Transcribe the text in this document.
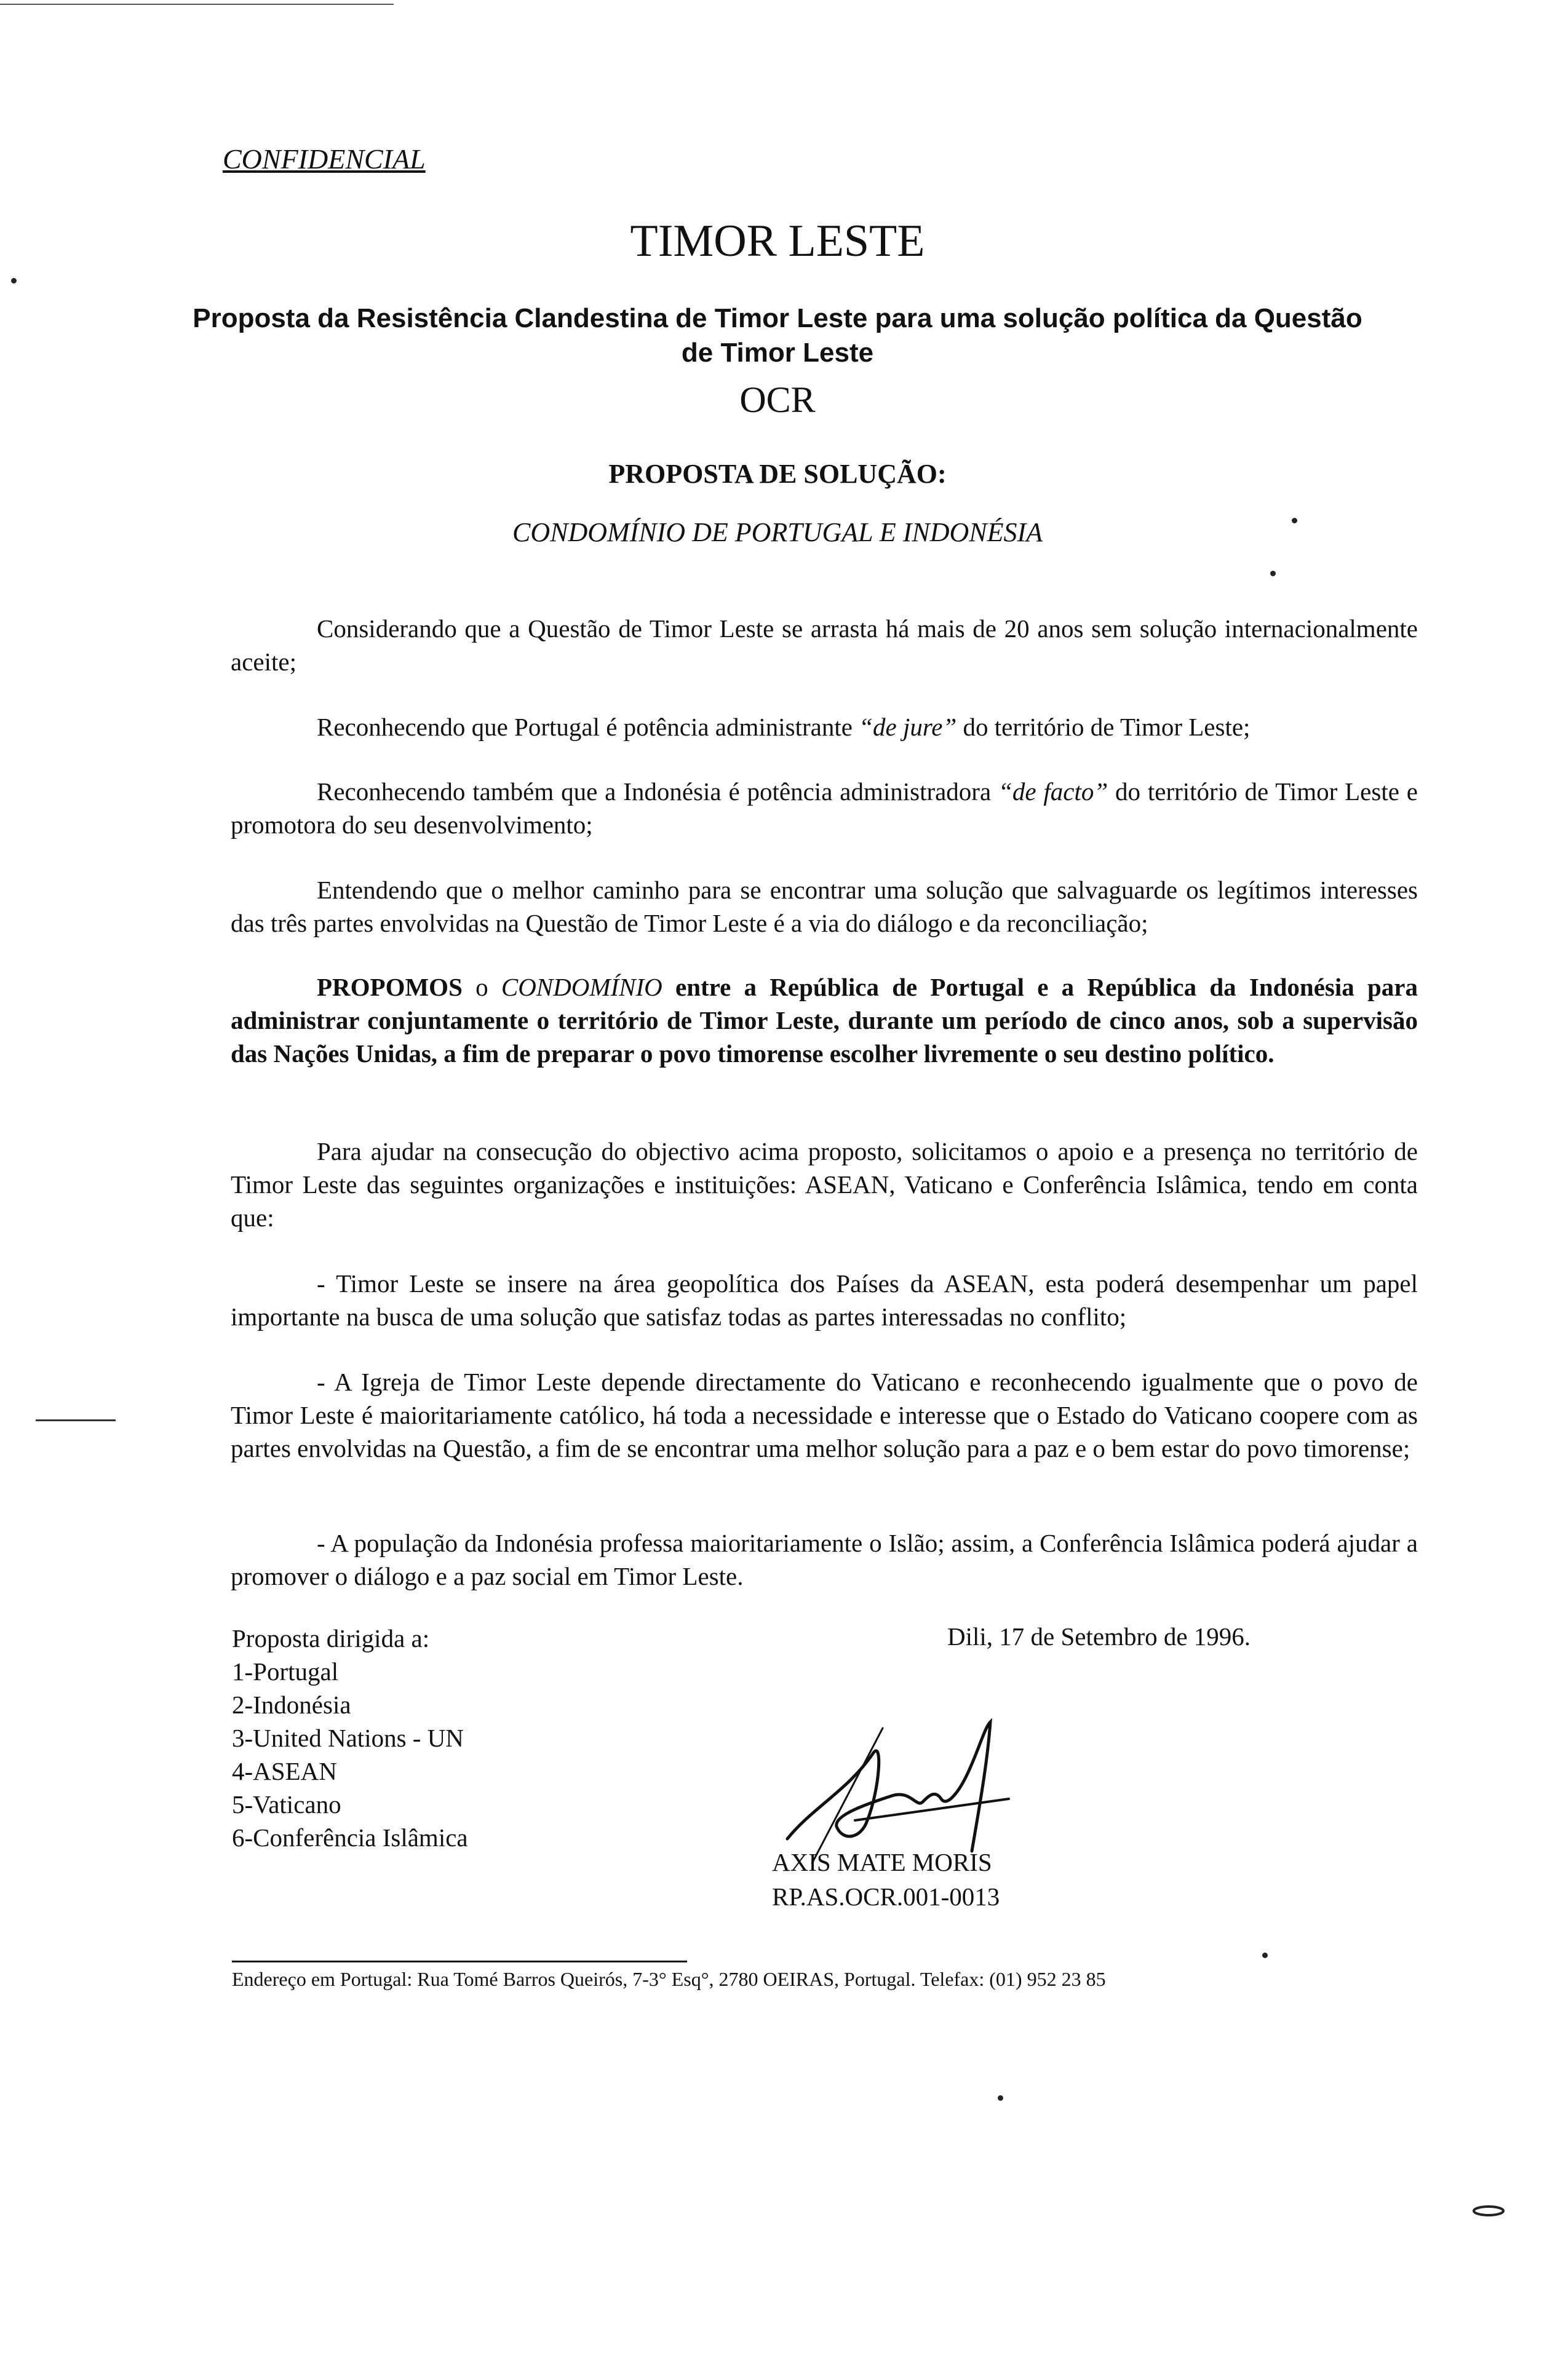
CONFIDENCIAL
TIMOR LESTE
Proposta da Resistência Clandestina de Timor Leste para uma solução política da Questão de Timor Leste
OCR
PROPOSTA DE SOLUÇÃO:
CONDOMÍNIO DE PORTUGAL E INDONÉSIA

Considerando que a Questão de Timor Leste se arrasta há mais de 20 anos sem solução internacionalmente aceite;

Reconhecendo que Portugal é potência administrante “de jure” do território de Timor Leste;

Reconhecendo também que a Indonésia é potência administradora “de facto” do território de Timor Leste e promotora do seu desenvolvimento;

Entendendo que o melhor caminho para se encontrar uma solução que salvaguarde os legítimos interesses das três partes envolvidas na Questão de Timor Leste é a via do diálogo e da reconciliação;

PROPOMOS o CONDOMÍNIO entre a República de Portugal e a República da Indonésia para administrar conjuntamente o território de Timor Leste, durante um período de cinco anos, sob a supervisão das Nações Unidas, a fim de preparar o povo timorense escolher livremente o seu destino político.

Para ajudar na consecução do objectivo acima proposto, solicitamos o apoio e a presença no território de Timor Leste das seguintes organizações e instituições: ASEAN, Vaticano e Conferência Islâmica, tendo em conta que:

- Timor Leste se insere na área geopolítica dos Países da ASEAN, esta poderá desempenhar um papel importante na busca de uma solução que satisfaz todas as partes interessadas no conflito;

- A Igreja de Timor Leste depende directamente do Vaticano e reconhecendo igualmente que o povo de Timor Leste é maioritariamente católico, há toda a necessidade e interesse que o Estado do Vaticano coopere com as partes envolvidas na Questão, a fim de se encontrar uma melhor solução para a paz e o bem estar do povo timorense;

- A população da Indonésia professa maioritariamente o Islão; assim, a Conferência Islâmica poderá ajudar a promover o diálogo e a paz social em Timor Leste.

Proposta dirigida a:
1-Portugal
2-Indonésia
3-United Nations - UN
4-ASEAN
5-Vaticano
6-Conferência Islâmica
Dili, 17 de Setembro de 1996.
AXIS MATE MORIS
RP.AS.OCR.001-0013
Endereço em Portugal: Rua Tomé Barros Queirós, 7-3° Esq°, 2780 OEIRAS, Portugal. Telefax: (01) 952 23 85
